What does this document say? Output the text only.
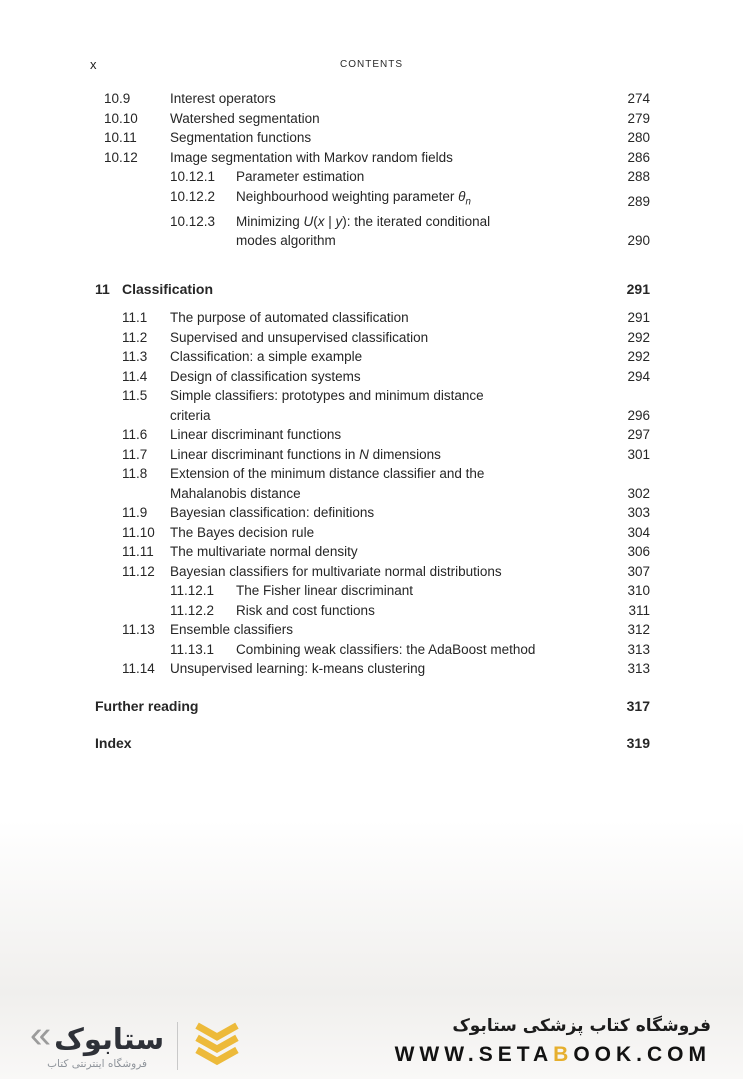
x	CONTENTS
10.9	Interest operators	274
10.10	Watershed segmentation	279
10.11	Segmentation functions	280
10.12	Image segmentation with Markov random fields	286
10.12.1	Parameter estimation	288
10.12.2	Neighbourhood weighting parameter $\theta_n$	289
10.12.3	Minimizing U(x | y): the iterated conditional
modes algorithm	290
11 Classification	291
11.1	The purpose of automated classification	291
11.2	Supervised and unsupervised classification	292
11.3	Classification: a simple example	292
11.4	Design of classification systems	294
11.5	Simple classifiers: prototypes and minimum distance
criteria	296
11.6	Linear discriminant functions	297
11.7	Linear discriminant functions in N dimensions	301
11.8	Extension of the minimum distance classifier and the
Mahalanobis distance	302
11.9	Bayesian classification: definitions	303
11.10	The Bayes decision rule	304
11.11	The multivariate normal density	306
11.12	Bayesian classifiers for multivariate normal distributions	307
11.12.1	The Fisher linear discriminant	310
11.12.2	Risk and cost functions	311
11.13	Ensemble classifiers	312
11.13.1	Combining weak classifiers: the AdaBoost method	313
11.14	Unsupervised learning: k-means clustering	313
Further reading	317
Index	319
« ستابوک
فروشگاه اینترنتی کتاب
فروشگاه کتاب پزشکی ستابوک
WWW.SETABOOK.COM
